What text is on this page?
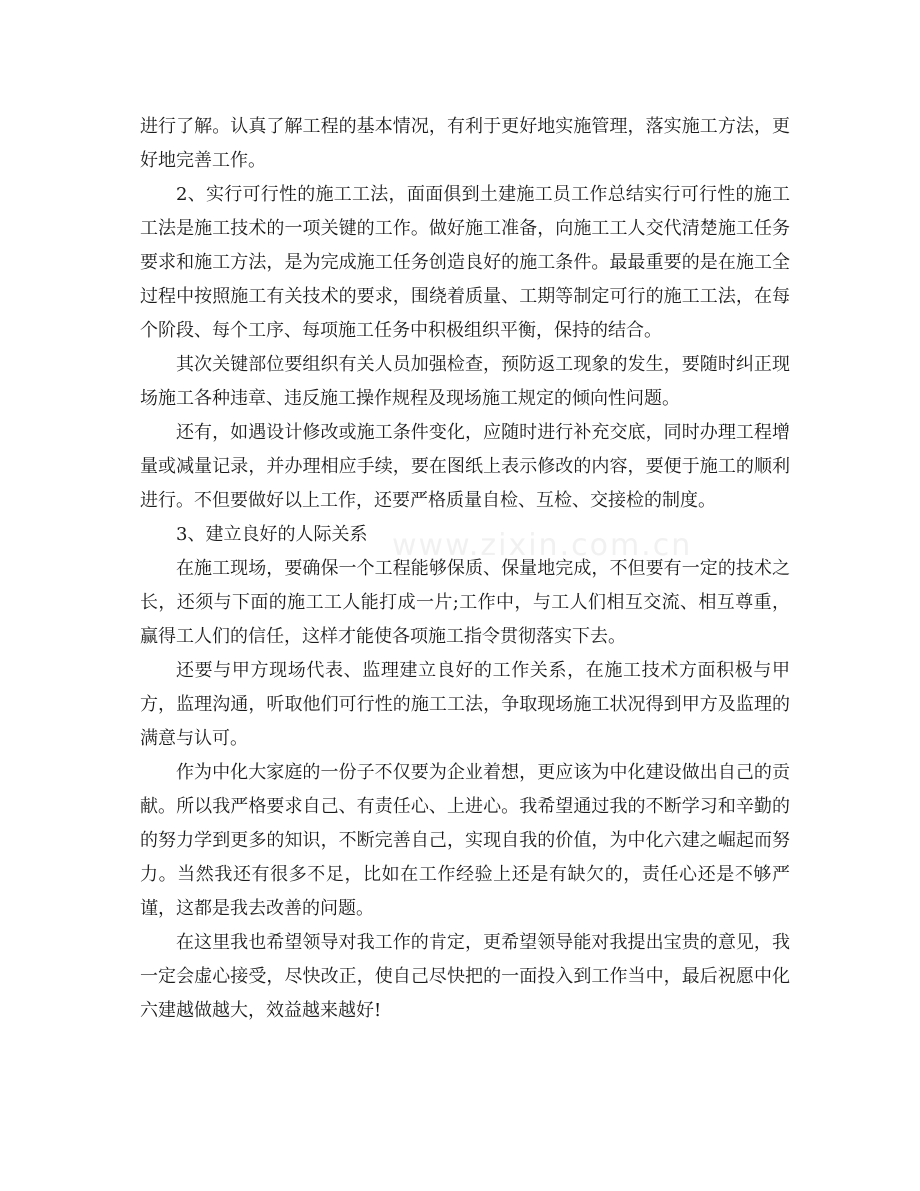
进行了解。认真了解工程的基本情况，有利于更好地实施管理，落实施工方法，更好地完善工作。

2、实行可行性的施工工法，面面俱到土建施工员工作总结实行可行性的施工工法是施工技术的一项关键的工作。做好施工准备，向施工工人交代清楚施工任务要求和施工方法，是为完成施工任务创造良好的施工条件。最最重要的是在施工全过程中按照施工有关技术的要求，围绕着质量、工期等制定可行的施工工法，在每个阶段、每个工序、每项施工任务中积极组织平衡，保持的结合。

其次关键部位要组织有关人员加强检查，预防返工现象的发生，要随时纠正现场施工各种违章、违反施工操作规程及现场施工规定的倾向性问题。

还有，如遇设计修改或施工条件变化，应随时进行补充交底，同时办理工程增量或减量记录，并办理相应手续，要在图纸上表示修改的内容，要便于施工的顺利进行。不但要做好以上工作，还要严格质量自检、互检、交接检的制度。

3、建立良好的人际关系

在施工现场，要确保一个工程能够保质、保量地完成，不但要有一定的技术之长，还须与下面的施工工人能打成一片;工作中，与工人们相互交流、相互尊重，赢得工人们的信任，这样才能使各项施工指令贯彻落实下去。

还要与甲方现场代表、监理建立良好的工作关系，在施工技术方面积极与甲方，监理沟通，听取他们可行性的施工工法，争取现场施工状况得到甲方及监理的满意与认可。

作为中化大家庭的一份子不仅要为企业着想，更应该为中化建设做出自己的贡献。所以我严格要求自己、有责任心、上进心。我希望通过我的不断学习和辛勤的的努力学到更多的知识，不断完善自己，实现自我的价值，为中化六建之崛起而努力。当然我还有很多不足，比如在工作经验上还是有缺欠的，责任心还是不够严谨，这都是我去改善的问题。

在这里我也希望领导对我工作的肯定，更希望领导能对我提出宝贵的意见，我一定会虚心接受，尽快改正，使自己尽快把的一面投入到工作当中，最后祝愿中化六建越做越大，效益越来越好!

www.zixin.com.cn
